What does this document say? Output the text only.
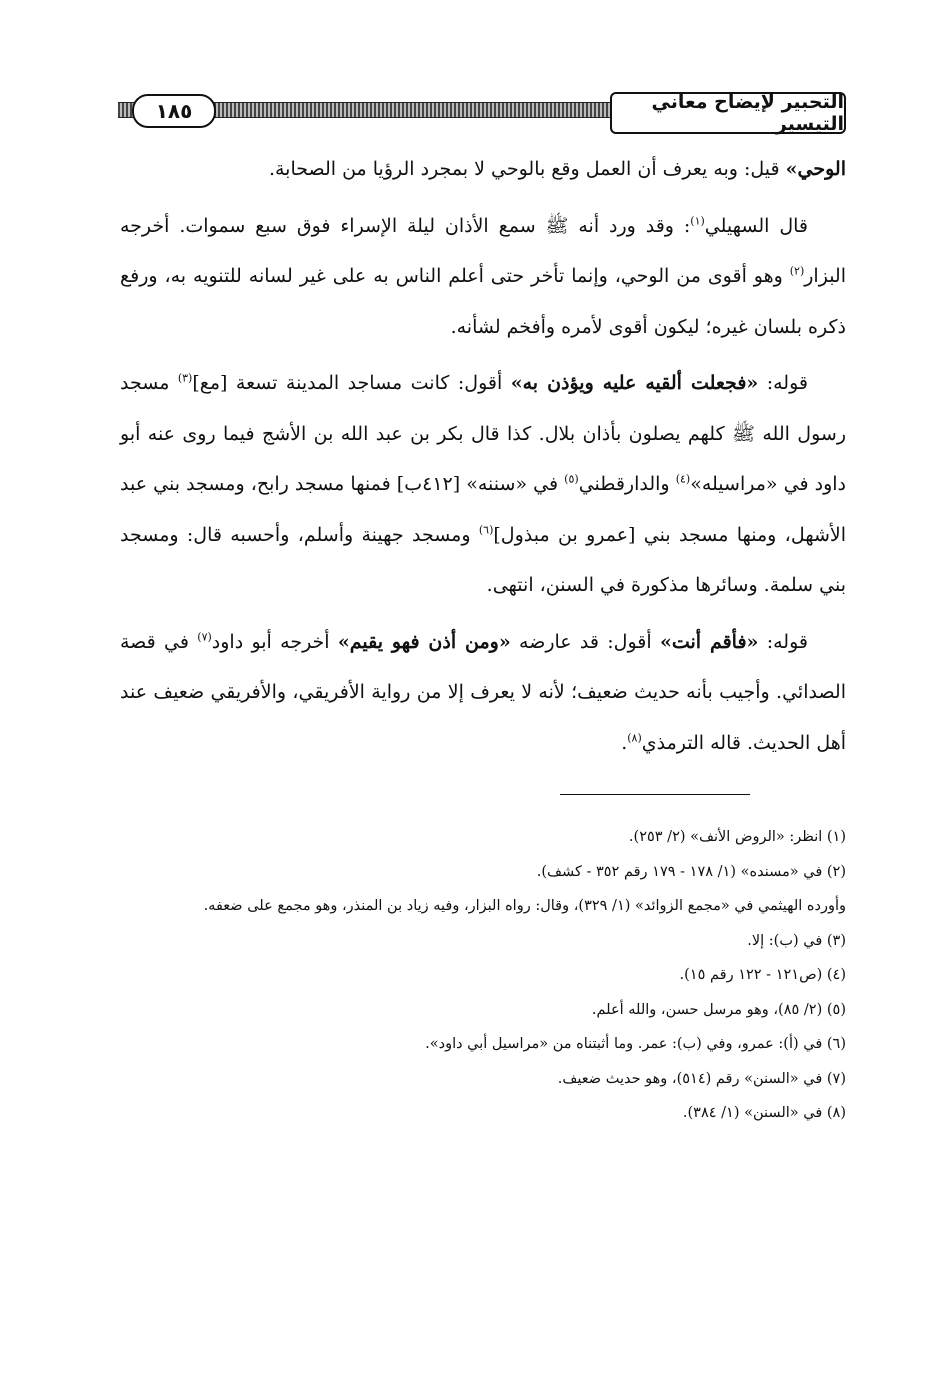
١٨٥	التحبير لإيضاح معاني التيسير

الوحي» قيل: وبه يعرف أن العمل وقع بالوحي لا بمجرد الرؤيا من الصحابة.

قال السهيلي$^{(١)}$: وقد ورد أنه ﷺ سمع الأذان ليلة الإسراء فوق سبع سموات. أخرجه البزار$^{(٢)}$ وهو أقوى من الوحي، وإنما تأخر حتى أعلم الناس به على غير لسانه للتنويه به، ورفع ذكره بلسان غيره؛ ليكون أقوى لأمره وأفخم لشأنه.

قوله: «فجعلت ألقيه عليه ويؤذن به» أقول: كانت مساجد المدينة تسعة [مع]$^{(٣)}$ مسجد رسول الله ﷺ كلهم يصلون بأذان بلال. كذا قال بكر بن عبد الله بن الأشج فيما روى عنه أبو داود في «مراسيله»$^{(٤)}$ والدارقطني$^{(٥)}$ في «سننه» [٤١٢ب] فمنها مسجد رابح، ومسجد بني عبد الأشهل، ومنها مسجد بني [عمرو بن مبذول]$^{(٦)}$ ومسجد جهينة وأسلم، وأحسبه قال: ومسجد بني سلمة. وسائرها مذكورة في السنن، انتهى.

قوله: «فأقم أنت» أقول: قد عارضه «ومن أذن فهو يقيم» أخرجه أبو داود$^{(٧)}$ في قصة الصدائي. وأجيب بأنه حديث ضعيف؛ لأنه لا يعرف إلا من رواية الأفريقي، والأفريقي ضعيف عند أهل الحديث. قاله الترمذي$^{(٨)}$.

(١) انظر: «الروض الأنف» (٢/ ٢٥٣).

(٢) في «مسنده» (١/ ١٧٨ - ١٧٩ رقم ٣٥٢ - كشف).

وأورده الهيثمي في «مجمع الزوائد» (١/ ٣٢٩)، وقال: رواه البزار، وفيه زياد بن المنذر، وهو مجمع على ضعفه.

(٣) في (ب): إلا.

(٤) (ص١٢١ - ١٢٢ رقم ١٥).

(٥) (٢/ ٨٥)، وهو مرسل حسن، والله أعلم.

(٦) في (أ): عمرو، وفي (ب): عمر. وما أثبتناه من «مراسيل أبي داود».

(٧) في «السنن» رقم (٥١٤)، وهو حديث ضعيف.

(٨) في «السنن» (١/ ٣٨٤).
